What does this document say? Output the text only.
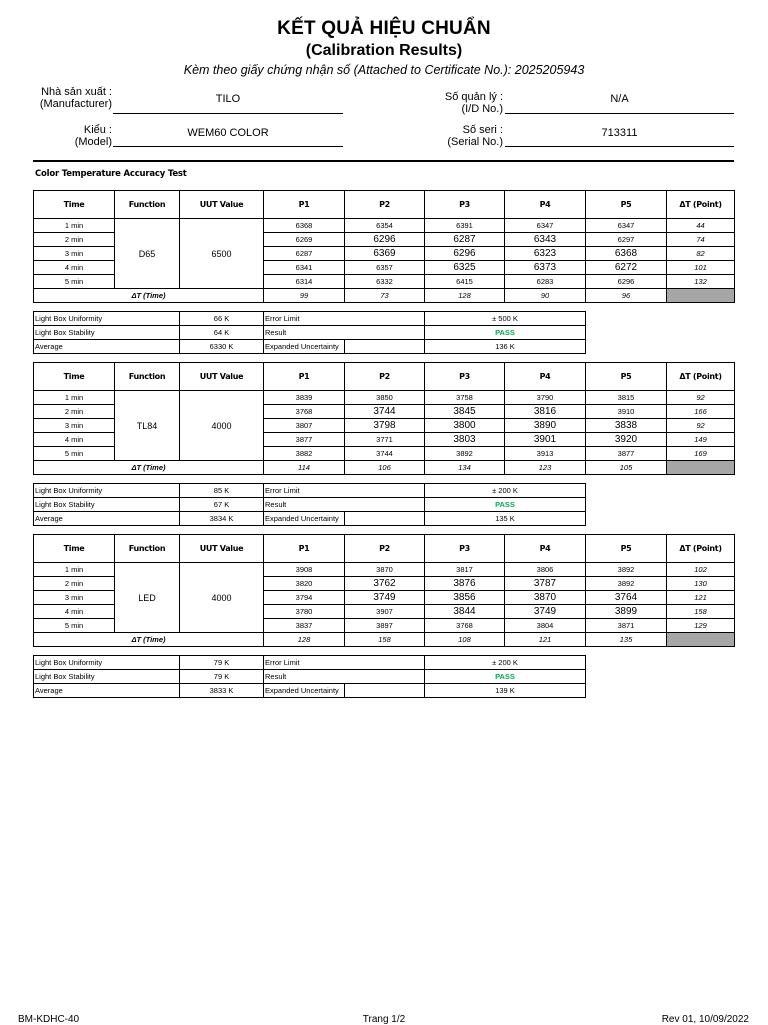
KẾT QUẢ HIỆU CHUẨN
(Calibration Results)
Kèm theo giấy chứng nhận số (Attached to Certificate No.): 2025205943
Nhà sản xuất :
(Manufacturer)	TILO
Kiểu :
(Model)
WEM60 COLOR
Số quản lý :
(I/D No.)
N/A
Số seri :
(Serial No.)
713311
Color Temperature Accuracy Test
Time	Function	UUT Value	P1	P2	P3	P4	P5	ΔT (Point)
1 min	D65	6500	6368	6354	6391	6347	6347	44
2 min			6269	6296	6287	6343	6297	74
3 min			6287	6369	6296	6323	6368	82
4 min			6341	6357	6325	6373	6272	101
5 min			6314	6332	6415	6283	6296	132
ΔT (Time)			99	73	128	90	96	
Light Box Uniformity	66 K	Error Limit		± 500 K
Light Box Stability	64 K	Result		PASS
Average	6330 K	Expanded Uncertainty		136 K
Time	Function	UUT Value	P1	P2	P3	P4	P5	ΔT (Point)
1 min	TL84	4000	3839	3850	3758	3790	3815	92
2 min			3768	3744	3845	3816	3910	166
3 min			3807	3798	3800	3890	3838	92
4 min			3877	3771	3803	3901	3920	149
5 min			3882	3744	3892	3913	3877	169
ΔT (Time)			114	106	134	123	105	
Light Box Uniformity	85 K	Error Limit		± 200 K
Light Box Stability	67 K	Result		PASS
Average	3834 K	Expanded Uncertainty		135 K
Time	Function	UUT Value	P1	P2	P3	P4	P5	ΔT (Point)
1 min	LED	4000	3908	3870	3817	3806	3892	102
2 min			3820	3762	3876	3787	3892	130
3 min			3794	3749	3856	3870	3764	121
4 min			3780	3907	3844	3749	3899	158
5 min			3837	3897	3768	3804	3871	129
ΔT (Time)			128	158	108	121	135	
Light Box Uniformity	79 K	Error Limit		± 200 K
Light Box Stability	79 K	Result		PASS
Average	3833 K	Expanded Uncertainty		139 K
BM-KDHC-40	Trang 1/2	Rev 01, 10/09/2022
